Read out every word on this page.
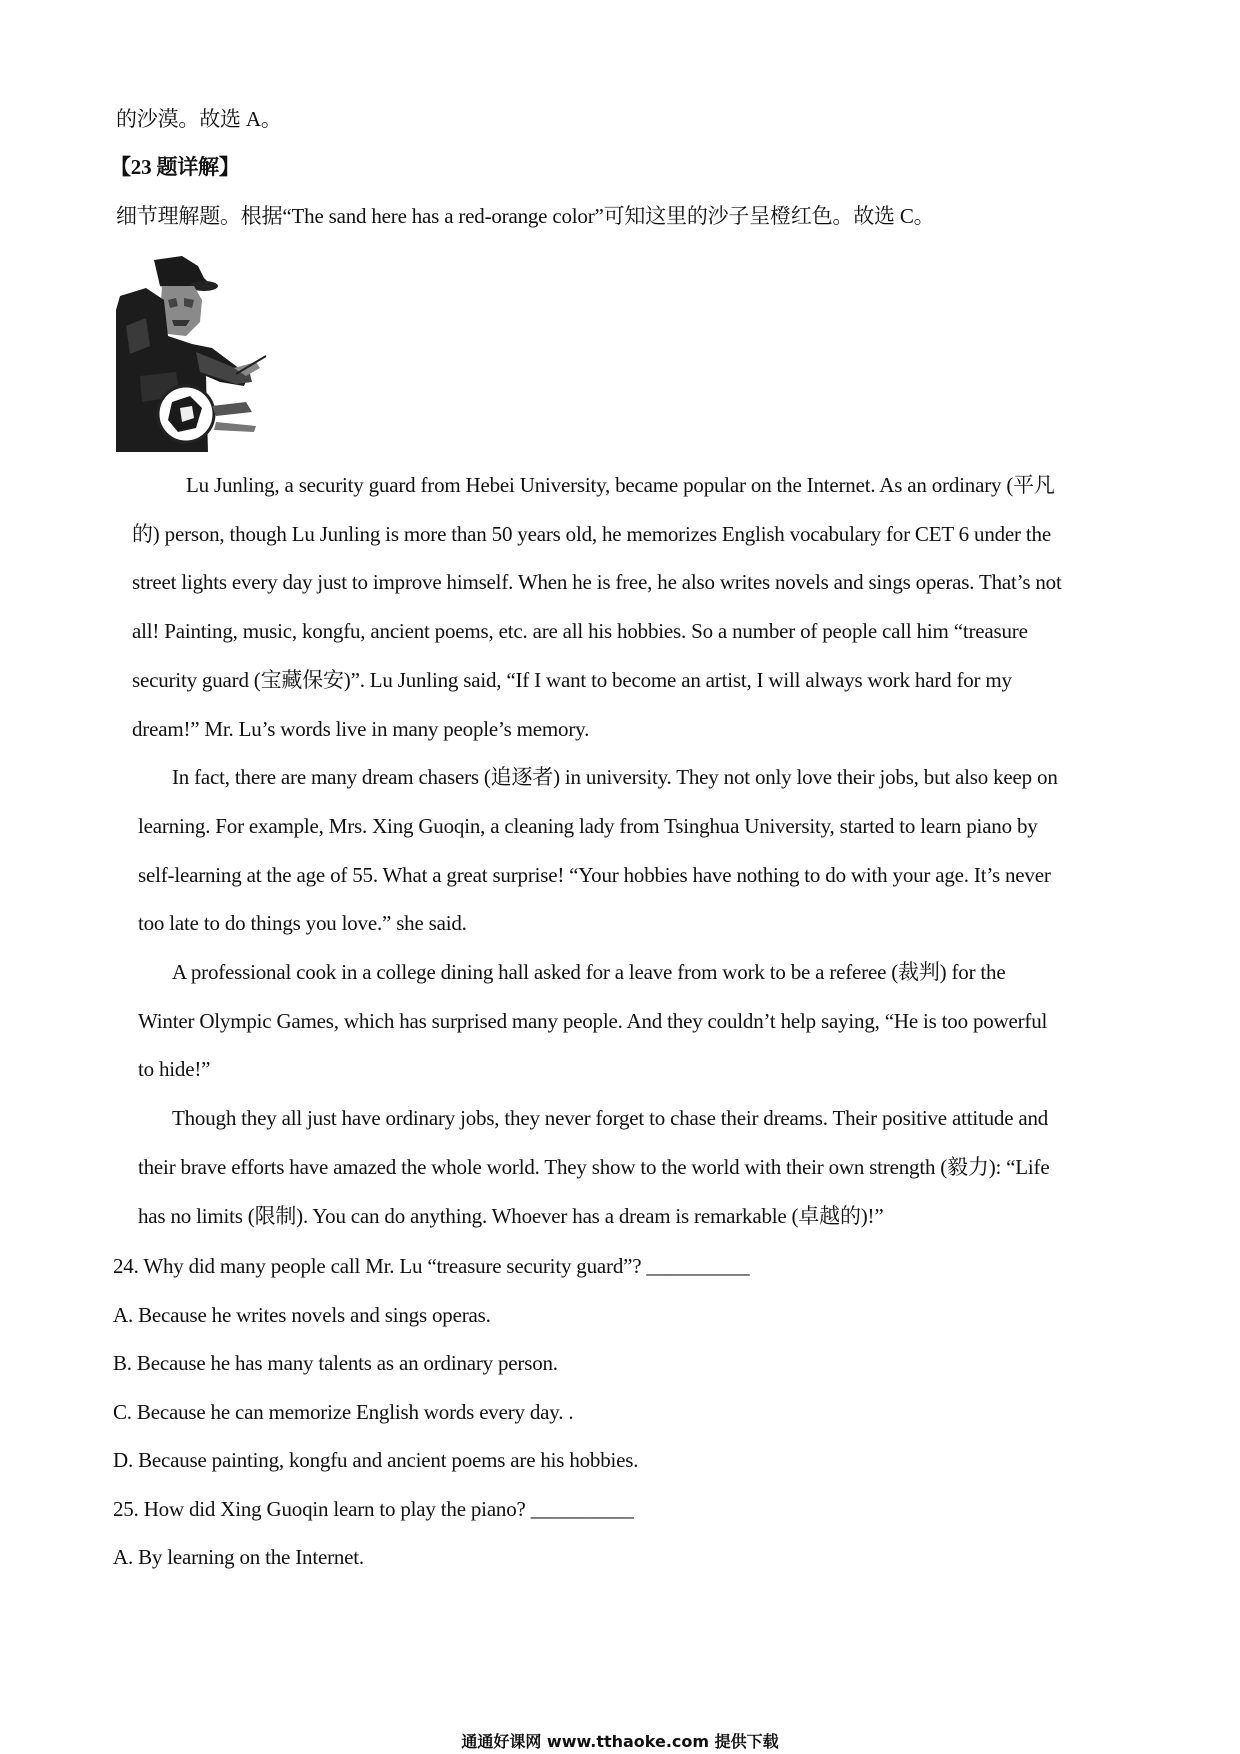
的沙漠。故选 A。
【23 题详解】
细节理解题。根据“The sand here has a red-orange color”可知这里的沙子呈橙红色。故选 C。
Lu Junling, a security guard from Hebei University, became popular on the Internet. As an ordinary (平凡
的) person, though Lu Junling is more than 50 years old, he memorizes English vocabulary for CET 6 under the
street lights every day just to improve himself. When he is free, he also writes novels and sings operas. That’s not
all! Painting, music, kongfu, ancient poems, etc. are all his hobbies. So a number of people call him “treasure
security guard (宝藏保安)”. Lu Junling said, “If I want to become an artist, I will always work hard for my
dream!” Mr. Lu’s words live in many people’s memory.
In fact, there are many dream chasers (追逐者) in university. They not only love their jobs, but also keep on
learning. For example, Mrs. Xing Guoqin, a cleaning lady from Tsinghua University, started to learn piano by
self-learning at the age of 55. What a great surprise! “Your hobbies have nothing to do with your age. It’s never
too late to do things you love.” she said.
A professional cook in a college dining hall asked for a leave from work to be a referee (裁判) for the
Winter Olympic Games, which has surprised many people. And they couldn’t help saying, “He is too powerful
to hide!”
Though they all just have ordinary jobs, they never forget to chase their dreams. Their positive attitude and
their brave efforts have amazed the whole world. They show to the world with their own strength (毅力): “Life
has no limits (限制). You can do anything. Whoever has a dream is remarkable (卓越的)!”
24. Why did many people call Mr. Lu “treasure security guard”? __________
A. Because he writes novels and sings operas.
B. Because he has many talents as an ordinary person.
C. Because he can memorize English words every day. .
D. Because painting, kongfu and ancient poems are his hobbies.
25. How did Xing Guoqin learn to play the piano? __________
A. By learning on the Internet.
通通好课网 www.tthaoke.com 提供下载
